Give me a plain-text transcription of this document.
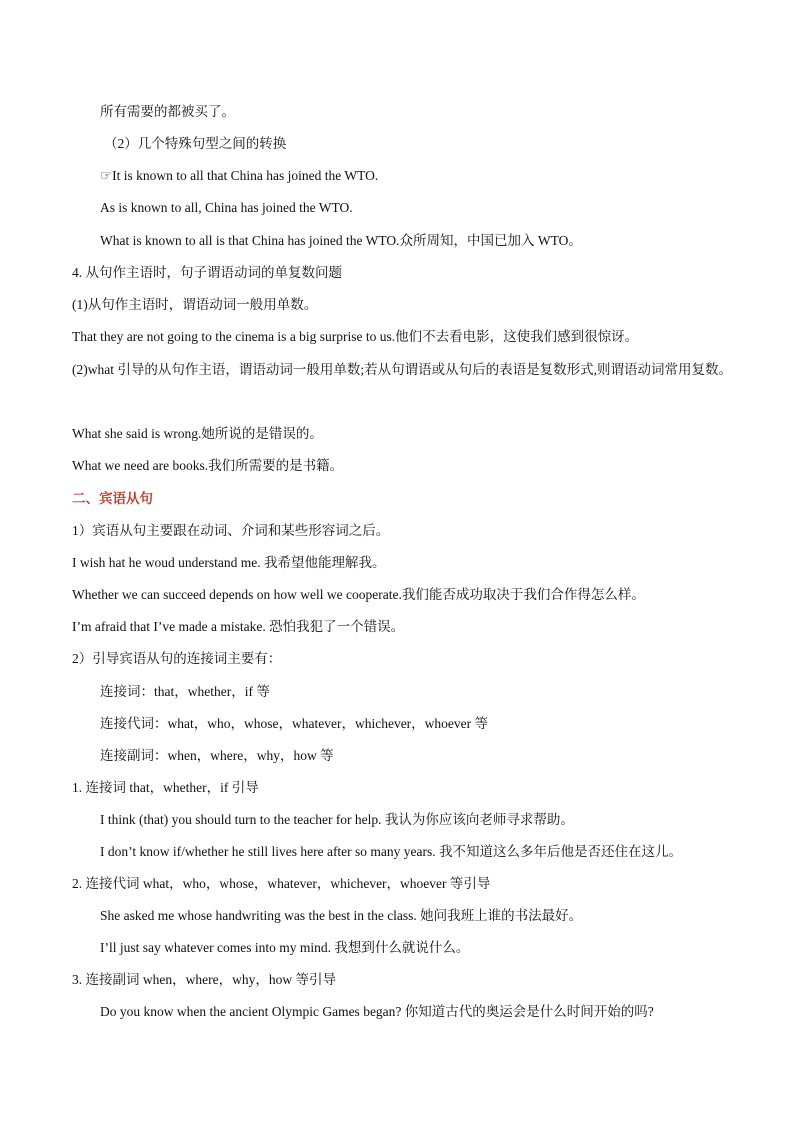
所有需要的都被买了。
（2）几个特殊句型之间的转换
☞It is known to all that China has joined the WTO.
As is known to all, China has joined the WTO.
What is known to all is that China has joined the WTO.众所周知，中国已加入 WTO。
4. 从句作主语时，句子谓语动词的单复数问题
(1)从句作主语时，谓语动词一般用单数。
That they are not going to the cinema is a big surprise to us.他们不去看电影，这使我们感到很惊讶。
(2)what 引导的从句作主语，谓语动词一般用单数;若从句谓语或从句后的表语是复数形式,则谓语动词常用复数。
What she said is wrong.她所说的是错误的。
What we need are books.我们所需要的是书籍。
二、宾语从句
1）宾语从句主要跟在动词、介词和某些形容词之后。
I wish hat he woud understand me. 我希望他能理解我。
Whether we can succeed depends on how well we cooperate.我们能否成功取决于我们合作得怎么样。
I’m afraid that I’ve made a mistake. 恐怕我犯了一个错误。
2）引导宾语从句的连接词主要有：
连接词：that，whether，if 等
连接代词：what，who，whose，whatever，whichever，whoever 等
连接副词：when，where，why，how 等
1. 连接词 that，whether，if 引导
I think (that) you should turn to the teacher for help. 我认为你应该向老师寻求帮助。
I don’t know if/whether he still lives here after so many years. 我不知道这么多年后他是否还住在这儿。
2. 连接代词 what，who，whose，whatever，whichever，whoever 等引导
She asked me whose handwriting was the best in the class. 她问我班上谁的书法最好。
I’ll just say whatever comes into my mind. 我想到什么就说什么。
3. 连接副词 when，where，why，how 等引导
Do you know when the ancient Olympic Games began? 你知道古代的奥运会是什么时间开始的吗?
